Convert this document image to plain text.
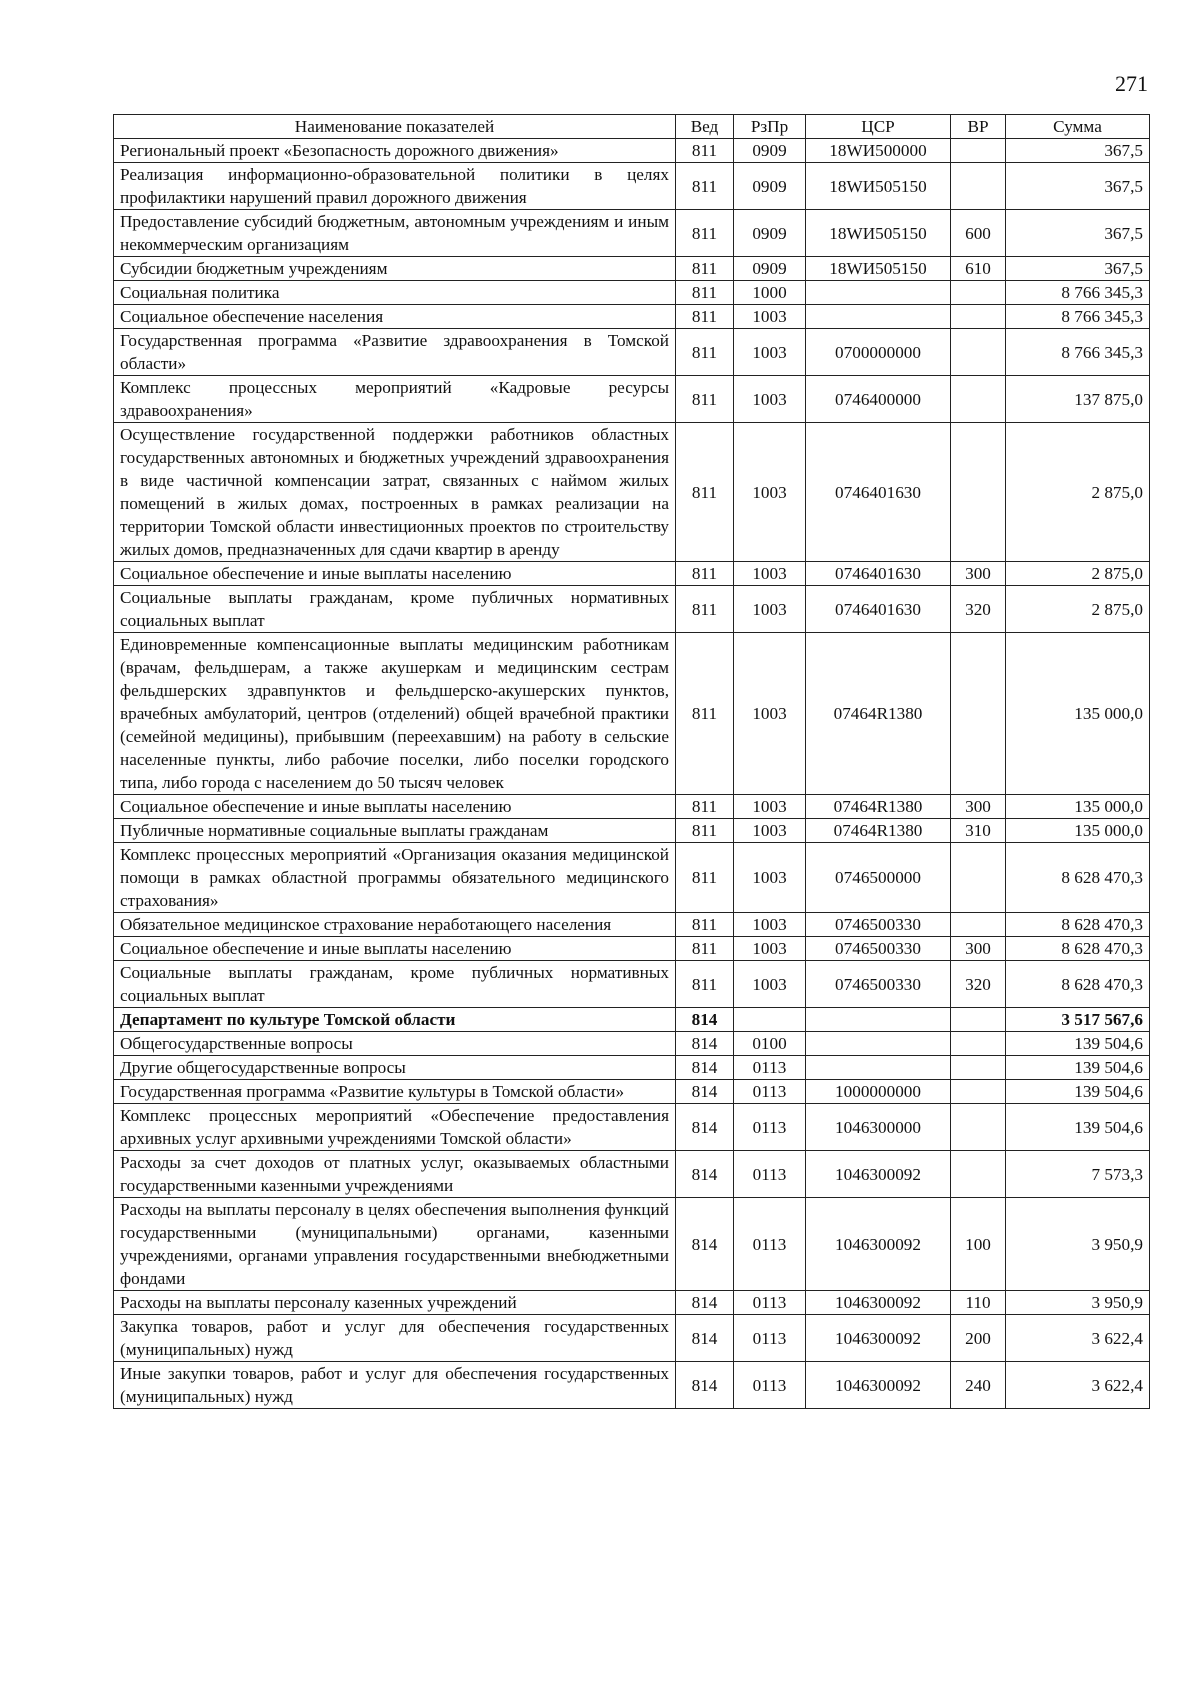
271
Наименование показателей	Вед	РзПр	ЦСР	ВР	Сумма
Региональный проект «Безопасность дорожного движения»	811	0909	18WИ500000		367,5
Реализация информационно-образовательной политики в целях профилактики нарушений правил дорожного движения	811	0909	18WИ505150		367,5
Предоставление субсидий бюджетным, автономным учреждениям и иным некоммерческим организациям	811	0909	18WИ505150	600	367,5
Субсидии бюджетным учреждениям	811	0909	18WИ505150	610	367,5
Социальная политика	811	1000			8 766 345,3
Социальное обеспечение населения	811	1003			8 766 345,3
Государственная программа «Развитие здравоохранения в Томской области»	811	1003	0700000000		8 766 345,3
Комплекс процессных мероприятий «Кадровые ресурсы здравоохранения»	811	1003	0746400000		137 875,0
Осуществление государственной поддержки работников областных государственных автономных и бюджетных учреждений здравоохранения в виде частичной компенсации затрат, связанных с наймом жилых помещений в жилых домах, построенных в рамках реализации на территории Томской области инвестиционных проектов по строительству жилых домов, предназначенных для сдачи квартир в аренду	811	1003	0746401630		2 875,0
Социальное обеспечение и иные выплаты населению	811	1003	0746401630	300	2 875,0
Социальные выплаты гражданам, кроме публичных нормативных социальных выплат	811	1003	0746401630	320	2 875,0
Единовременные компенсационные выплаты медицинским работникам (врачам, фельдшерам, а также акушеркам и медицинским сестрам фельдшерских здравпунктов и фельдшерско-акушерских пунктов, врачебных амбулаторий, центров (отделений) общей врачебной практики (семейной медицины), прибывшим (переехавшим) на работу в сельские населенные пункты, либо рабочие поселки, либо поселки городского типа, либо города с населением до 50 тысяч человек	811	1003	07464R1380		135 000,0
Социальное обеспечение и иные выплаты населению	811	1003	07464R1380	300	135 000,0
Публичные нормативные социальные выплаты гражданам	811	1003	07464R1380	310	135 000,0
Комплекс процессных мероприятий «Организация оказания медицинской помощи в рамках областной программы обязательного медицинского страхования»	811	1003	0746500000		8 628 470,3
Обязательное медицинское страхование неработающего населения	811	1003	0746500330		8 628 470,3
Социальное обеспечение и иные выплаты населению	811	1003	0746500330	300	8 628 470,3
Социальные выплаты гражданам, кроме публичных нормативных социальных выплат	811	1003	0746500330	320	8 628 470,3
Департамент по культуре Томской области	814				3 517 567,6
Общегосударственные вопросы	814	0100			139 504,6
Другие общегосударственные вопросы	814	0113			139 504,6
Государственная программа «Развитие культуры в Томской области»	814	0113	1000000000		139 504,6
Комплекс процессных мероприятий «Обеспечение предоставления архивных услуг архивными учреждениями Томской области»	814	0113	1046300000		139 504,6
Расходы за счет доходов от платных услуг, оказываемых областными государственными казенными учреждениями	814	0113	1046300092		7 573,3
Расходы на выплаты персоналу в целях обеспечения выполнения функций государственными (муниципальными) органами, казенными учреждениями, органами управления государственными внебюджетными фондами	814	0113	1046300092	100	3 950,9
Расходы на выплаты персоналу казенных учреждений	814	0113	1046300092	110	3 950,9
Закупка товаров, работ и услуг для обеспечения государственных (муниципальных) нужд	814	0113	1046300092	200	3 622,4
Иные закупки товаров, работ и услуг для обеспечения государственных (муниципальных) нужд	814	0113	1046300092	240	3 622,4
